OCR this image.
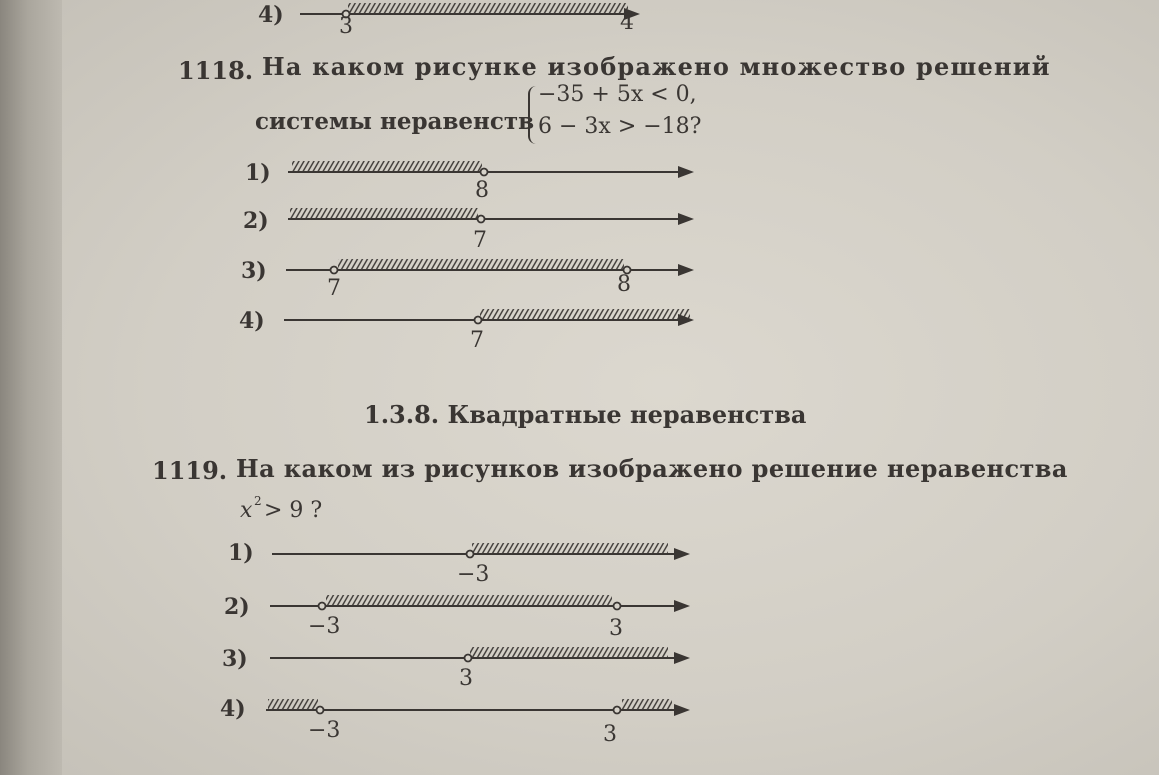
4)	3	4
1118. На каком рисунке изображено множество решений
системы неравенств
−35 + 5x < 0,
6 − 3x > −18?
1)
8
2)
7
3)
7	8
4)
7
1.3.8. Квадратные неравенства
1119. На каком из рисунков изображено решение неравенства
x 2 > 9 ?
1)
−3
2)
−3	3
3)
3
4)
−3	3
